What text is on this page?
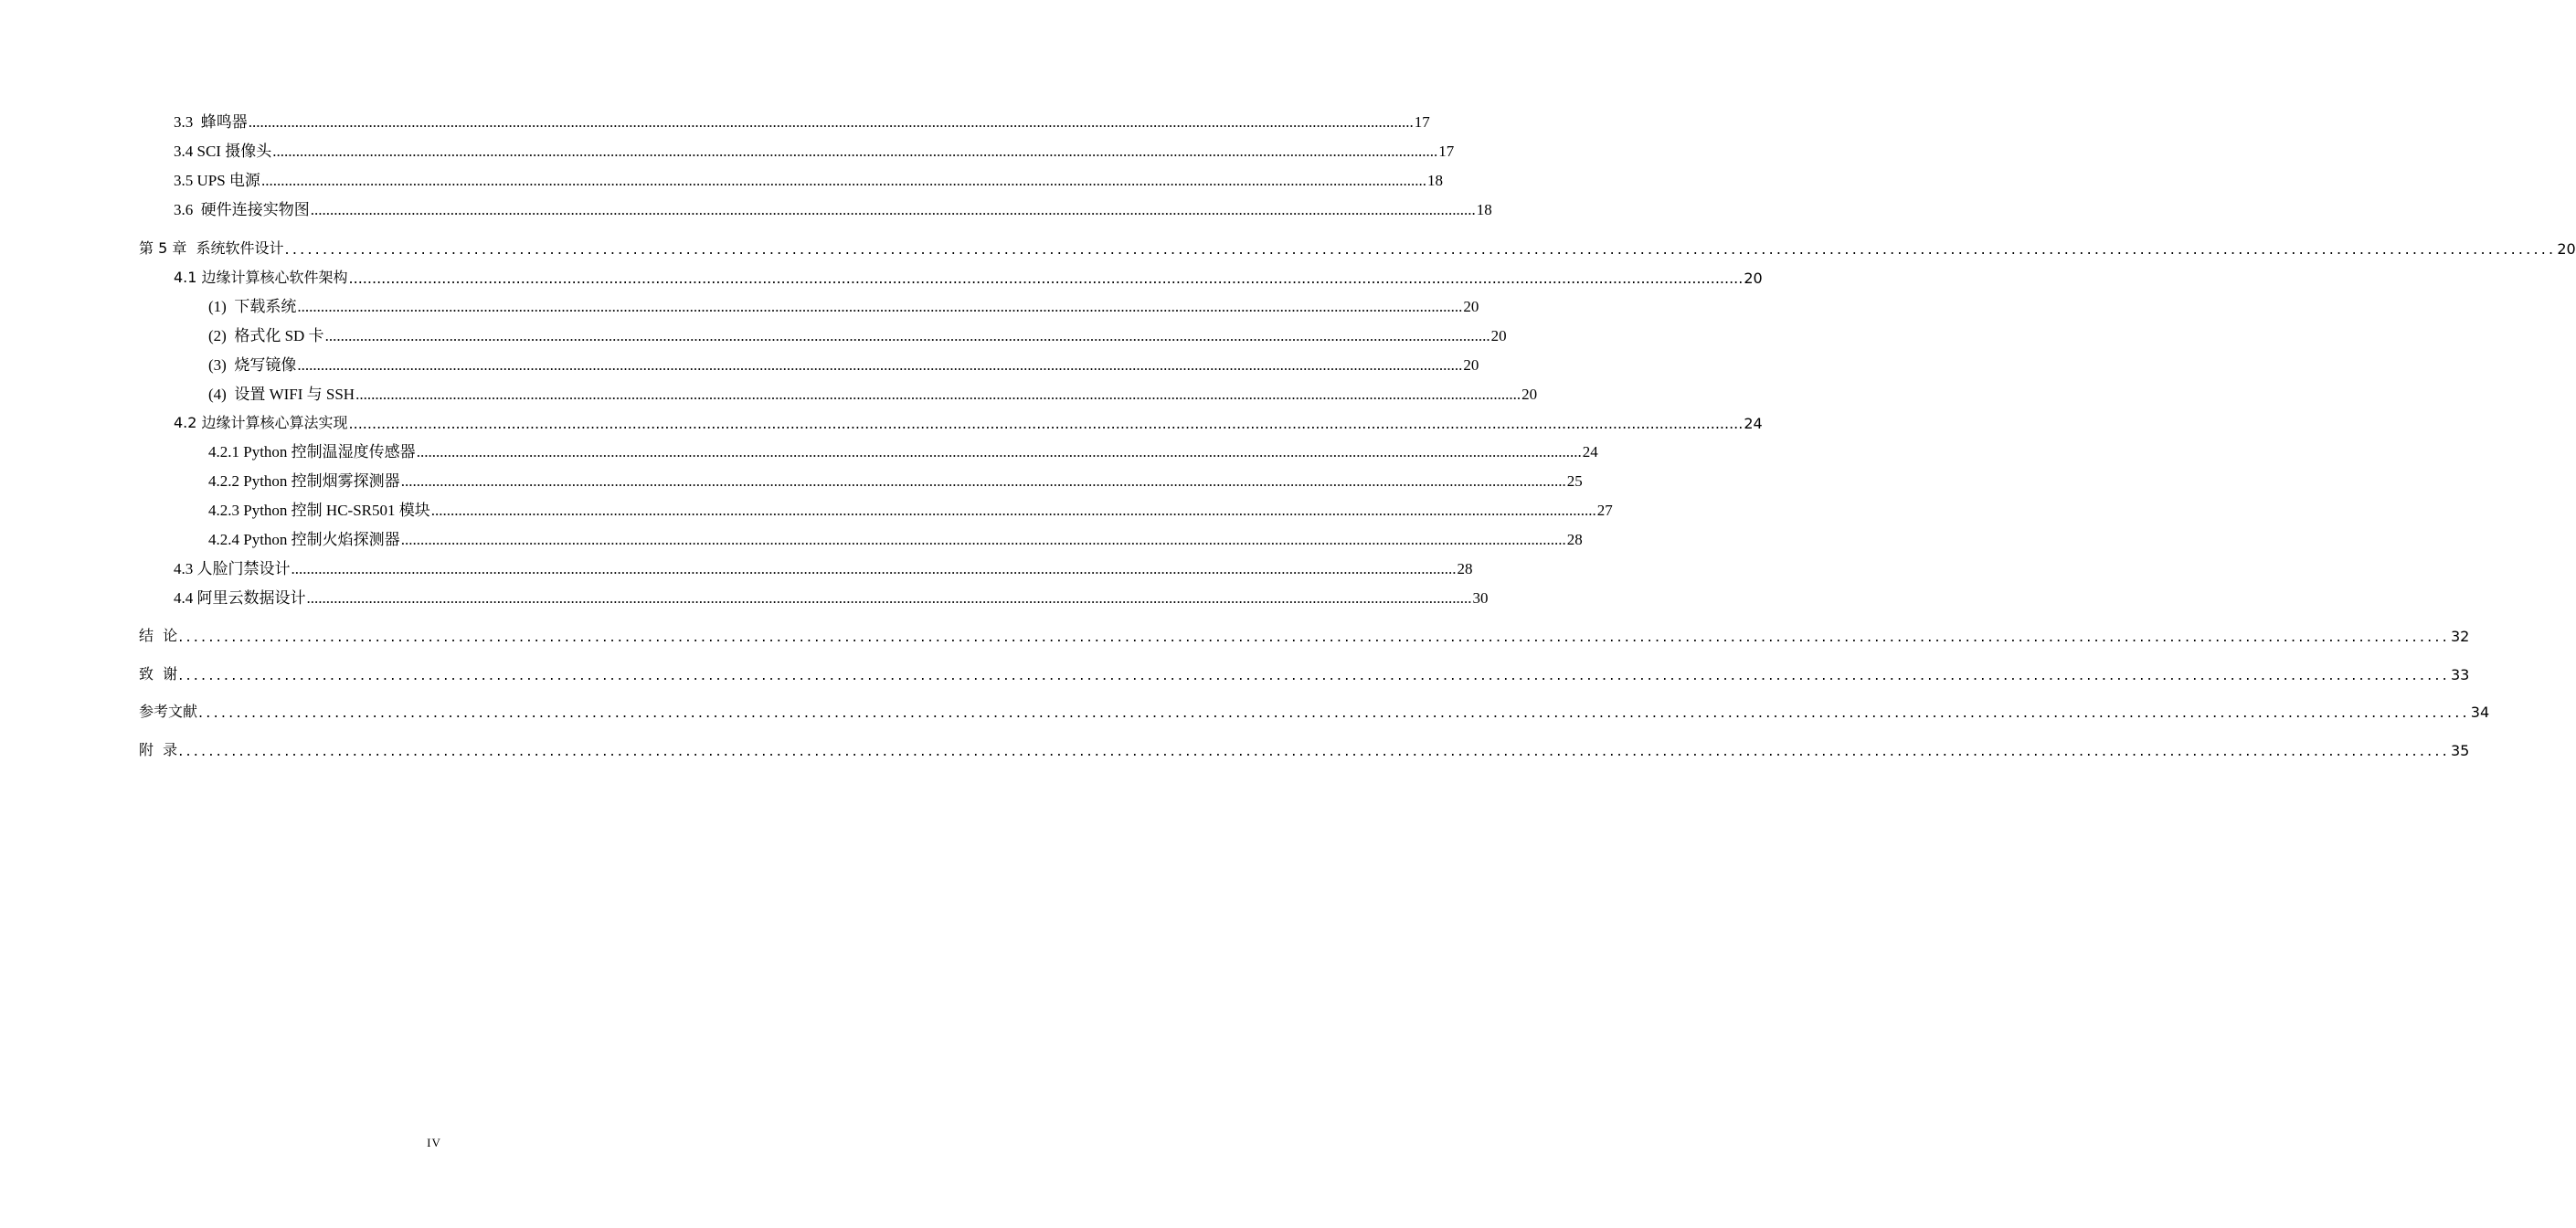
3.3  蜂鸣器 ............................................................................................................................................................................................................................................................................................................ 17
3.4 SCI 摄像头 ............................................................................................................................................................................................................................................................................................................ 17
3.5 UPS 电源 ............................................................................................................................................................................................................................................................................................................ 18
3.6  硬件连接实物图 ............................................................................................................................................................................................................................................................................................................ 18
第 5 章  系统软件设计 ............................................................................................................................................................................................................................................................................................................ 20
4.1 边缘计算核心软件架构 ............................................................................................................................................................................................................................................................................................................ 20
(1)  下载系统 ............................................................................................................................................................................................................................................................................................................ 20
(2)  格式化 SD 卡 ............................................................................................................................................................................................................................................................................................................ 20
(3)  烧写镜像 ............................................................................................................................................................................................................................................................................................................ 20
(4)  设置 WIFI 与 SSH ............................................................................................................................................................................................................................................................................................................ 20
4.2 边缘计算核心算法实现 ............................................................................................................................................................................................................................................................................................................ 24
4.2.1 Python 控制温湿度传感器 ............................................................................................................................................................................................................................................................................................................ 24
4.2.2 Python 控制烟雾探测器 ............................................................................................................................................................................................................................................................................................................ 25
4.2.3 Python 控制 HC-SR501 模块 ............................................................................................................................................................................................................................................................................................................ 27
4.2.4 Python 控制火焰探测器 ............................................................................................................................................................................................................................................................................................................ 28
4.3 人脸门禁设计 ............................................................................................................................................................................................................................................................................................................ 28
4.4 阿里云数据设计 ............................................................................................................................................................................................................................................................................................................ 30
结  论 ............................................................................................................................................................................................................................................................................................................ 32
致  谢 ............................................................................................................................................................................................................................................................................................................ 33
参考文献 ............................................................................................................................................................................................................................................................................................................ 34
附  录 ............................................................................................................................................................................................................................................................................................................ 35
IV
